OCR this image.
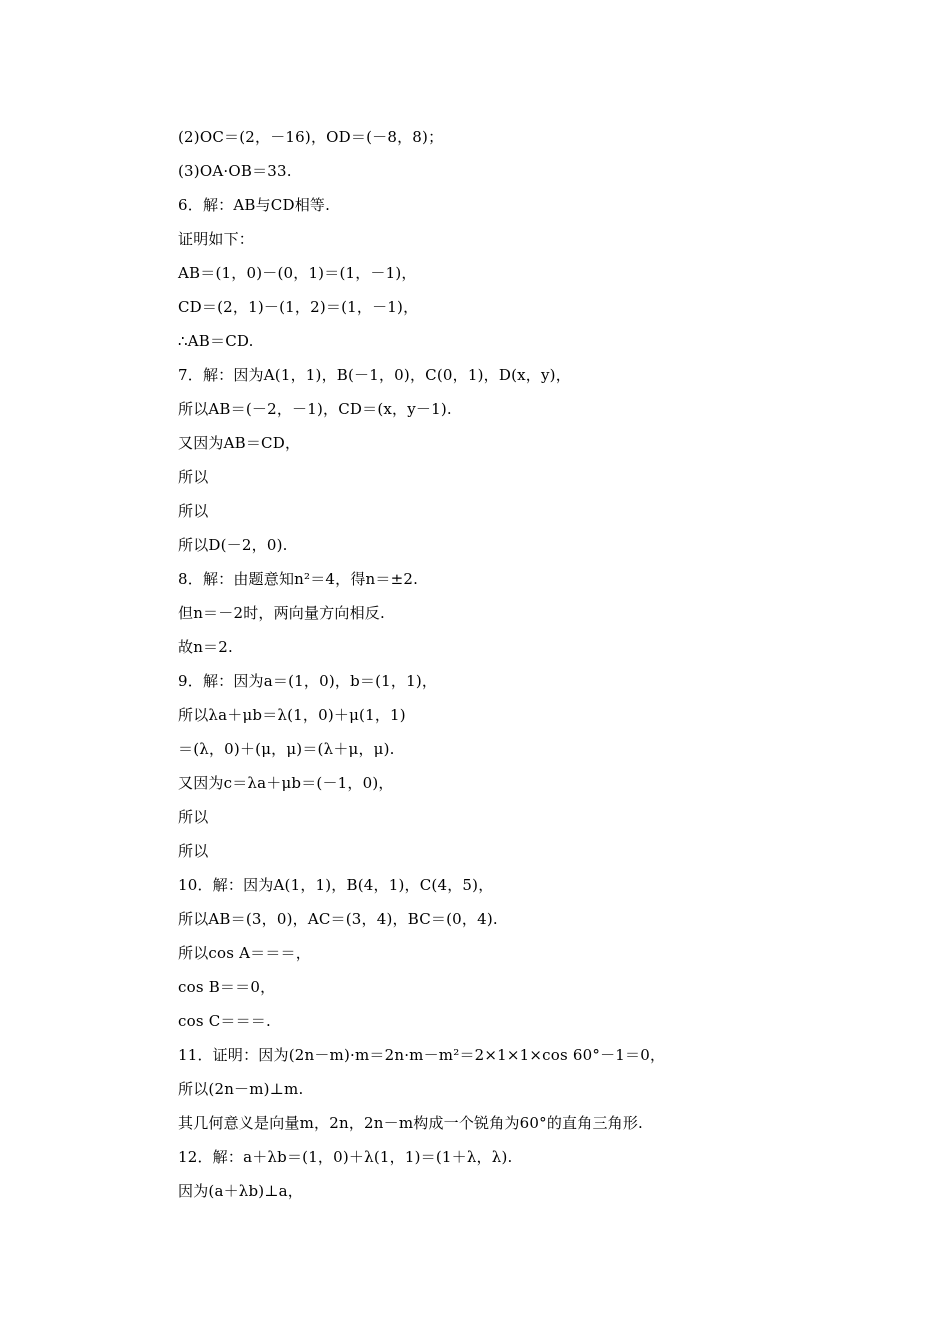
(2)OC＝(2，－16)，OD＝(－8，8)；
(3)OA·OB＝33.
6．解：AB与CD相等.
证明如下：
AB＝(1，0)－(0，1)＝(1，－1)，
CD＝(2，1)－(1，2)＝(1，－1)，
∴AB＝CD.
7．解：因为A(1，1)，B(－1，0)，C(0，1)，D(x，y)，
所以AB＝(－2，－1)，CD＝(x，y－1).
又因为AB＝CD，
所以
所以
所以D(－2，0).
8．解：由题意知n²＝4，得n＝±2.
但n＝－2时，两向量方向相反.
故n＝2.
9．解：因为a＝(1，0)，b＝(1，1)，
所以λa＋μb＝λ(1，0)＋μ(1，1)
＝(λ，0)＋(μ，μ)＝(λ＋μ，μ).
又因为c＝λa＋μb＝(－1，0)，
所以
所以
10．解：因为A(1，1)，B(4，1)，C(4，5)，
所以AB＝(3，0)，AC＝(3，4)，BC＝(0，4).
所以cos A＝＝＝，
cos B＝＝0，
cos C＝＝＝.
11．证明：因为(2n－m)·m＝2n·m－m²＝2×1×1×cos 60°－1＝0，
所以(2n－m)⊥m.
其几何意义是向量m，2n，2n－m构成一个锐角为60°的直角三角形.
12．解：a＋λb＝(1，0)＋λ(1，1)＝(1＋λ，λ).
因为(a＋λb)⊥a，
